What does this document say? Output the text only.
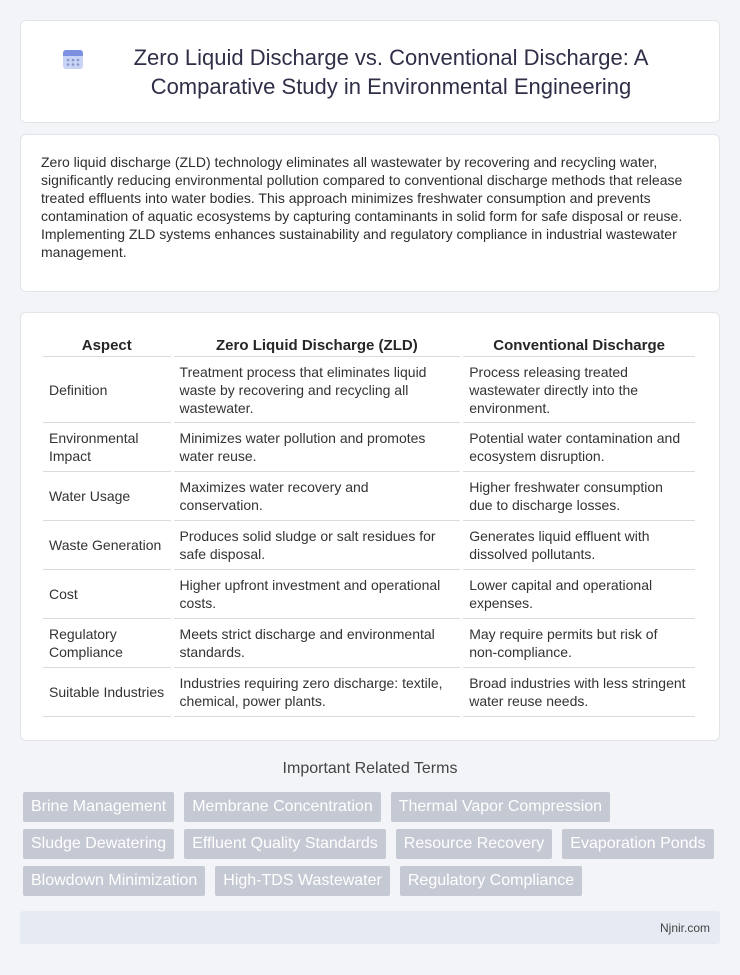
Zero Liquid Discharge vs. Conventional Discharge: A Comparative Study in Environmental Engineering

Zero liquid discharge (ZLD) technology eliminates all wastewater by recovering and recycling water, significantly reducing environmental pollution compared to conventional discharge methods that release treated effluents into water bodies. This approach minimizes freshwater consumption and prevents contamination of aquatic ecosystems by capturing contaminants in solid form for safe disposal or reuse. Implementing ZLD systems enhances sustainability and regulatory compliance in industrial wastewater management.

Aspect	Zero Liquid Discharge (ZLD)	Conventional Discharge
Definition	Treatment process that eliminates liquid waste by recovering and recycling all wastewater.	Process releasing treated wastewater directly into the environment.
Environmental Impact	Minimizes water pollution and promotes water reuse.	Potential water contamination and ecosystem disruption.
Water Usage	Maximizes water recovery and conservation.	Higher freshwater consumption due to discharge losses.
Waste Generation	Produces solid sludge or salt residues for safe disposal.	Generates liquid effluent with dissolved pollutants.
Cost	Higher upfront investment and operational costs.	Lower capital and operational expenses.
Regulatory Compliance	Meets strict discharge and environmental standards.	May require permits but risk of non-compliance.
Suitable Industries	Industries requiring zero discharge: textile, chemical, power plants.	Broad industries with less stringent water reuse needs.
Important Related Terms
Brine Management	Membrane Concentration	Thermal Vapor Compression
Sludge Dewatering	Effluent Quality Standards	Resource Recovery	Evaporation Ponds
Blowdown Minimization	High-TDS Wastewater	Regulatory Compliance
Njnir.com
